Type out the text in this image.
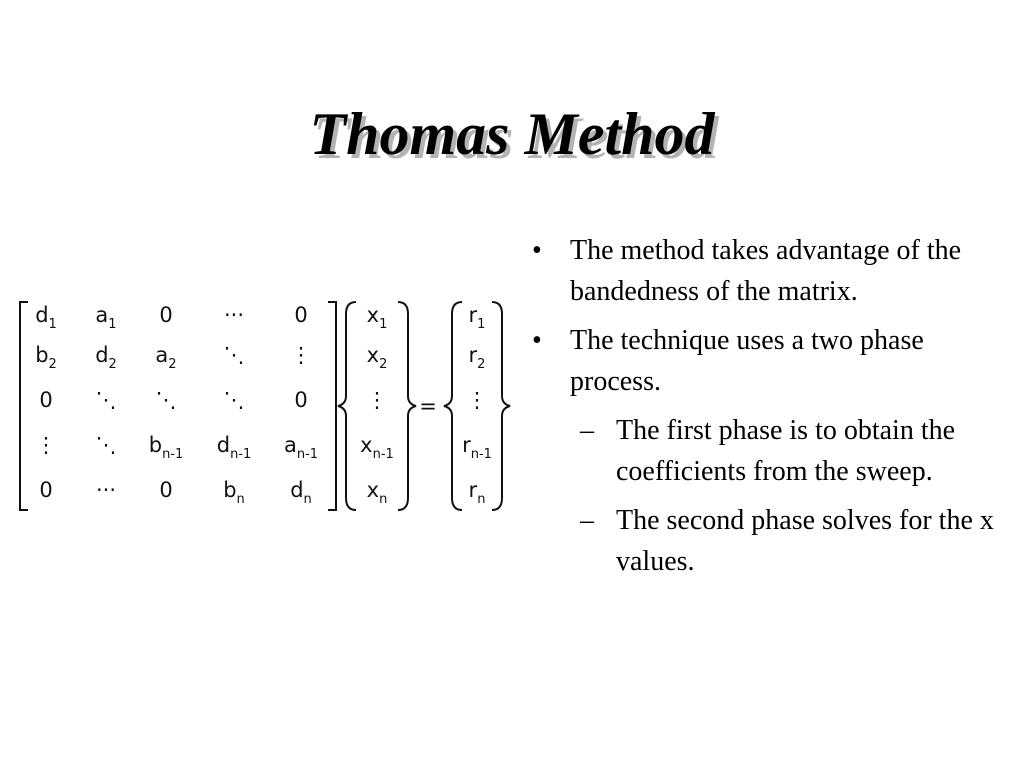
Thomas Method
$d_1$ $a_1$ 0 ··· 0
$b_2$ $d_2$ $a_2$ ⋱ ⋮
0 ⋱ ⋱ ⋱ 0
⋮ ⋱ $b_{n-1}$ $d_{n-1}$ $a_{n-1}$
0 ··· 0 $b_n$ $d_n$
$x_1$
$x_2$
⋮
$x_{n-1}$
$x_n$
$r_1$
$r_2$
⋮
$r_{n-1}$
$r_n$
=
• The method takes advantage of the bandedness of the matrix.
• The technique uses a two phase process.
– The first phase is to obtain the coefficients from the sweep.
– The second phase solves for the x values.
